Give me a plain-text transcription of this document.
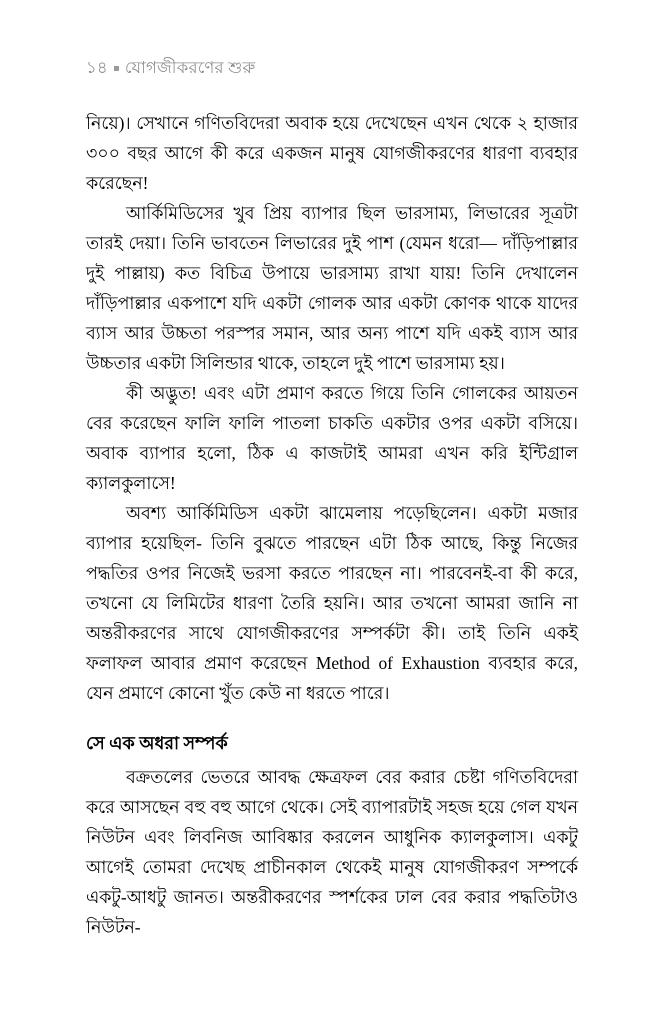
১৪ যোগজীকরণের শুরু

নিয়ে)। সেখানে গণিতবিদেরা অবাক হয়ে দেখেছেন এখন থেকে ২ হাজার ৩০০ বছর আগে কী করে একজন মানুষ যোগজীকরণের ধারণা ব্যবহার করেছেন!

আর্কিমিডিসের খুব প্রিয় ব্যাপার ছিল ভারসাম্য, লিভারের সূত্রটা তারই দেয়া। তিনি ভাবতেন লিভারের দুই পাশ (যেমন ধরো— দাঁড়িপাল্লার দুই পাল্লায়) কত বিচিত্র উপায়ে ভারসাম্য রাখা যায়! তিনি দেখালেন দাঁড়িপাল্লার একপাশে যদি একটা গোলক আর একটা কোণক থাকে যাদের ব্যাস আর উচ্চতা পরস্পর সমান, আর অন্য পাশে যদি একই ব্যাস আর উচ্চতার একটা সিলিন্ডার থাকে, তাহলে দুই পাশে ভারসাম্য হয়।

কী অদ্ভুত! এবং এটা প্রমাণ করতে গিয়ে তিনি গোলকের আয়তন বের করেছেন ফালি ফালি পাতলা চাকতি একটার ওপর একটা বসিয়ে। অবাক ব্যাপার হলো, ঠিক এ কাজটাই আমরা এখন করি ইন্টিগ্রাল ক্যালকুলাসে!

অবশ্য আর্কিমিডিস একটা ঝামেলায় পড়েছিলেন। একটা মজার ব্যাপার হয়েছিল- তিনি বুঝতে পারছেন এটা ঠিক আছে, কিন্তু নিজের পদ্ধতির ওপর নিজেই ভরসা করতে পারছেন না। পারবেনই-বা কী করে, তখনো যে লিমিটের ধারণা তৈরি হয়নি। আর তখনো আমরা জানি না অন্তরীকরণের সাথে যোগজীকরণের সম্পর্কটা কী। তাই তিনি একই ফলাফল আবার প্রমাণ করেছেন Method of Exhaustion ব্যবহার করে, যেন প্রমাণে কোনো খুঁত কেউ না ধরতে পারে।

সে এক অধরা সম্পর্ক

বক্রতলের ভেতরে আবদ্ধ ক্ষেত্রফল বের করার চেষ্টা গণিতবিদেরা করে আসছেন বহু বহু আগে থেকে। সেই ব্যাপারটাই সহজ হয়ে গেল যখন নিউটন এবং লিবনিজ আবিষ্কার করলেন আধুনিক ক্যালকুলাস। একটু আগেই তোমরা দেখেছ প্রাচীনকাল থেকেই মানুষ যোগজীকরণ সম্পর্কে একটু-আধটু জানত। অন্তরীকরণের স্পর্শকের ঢাল বের করার পদ্ধতিটাও নিউটন-
